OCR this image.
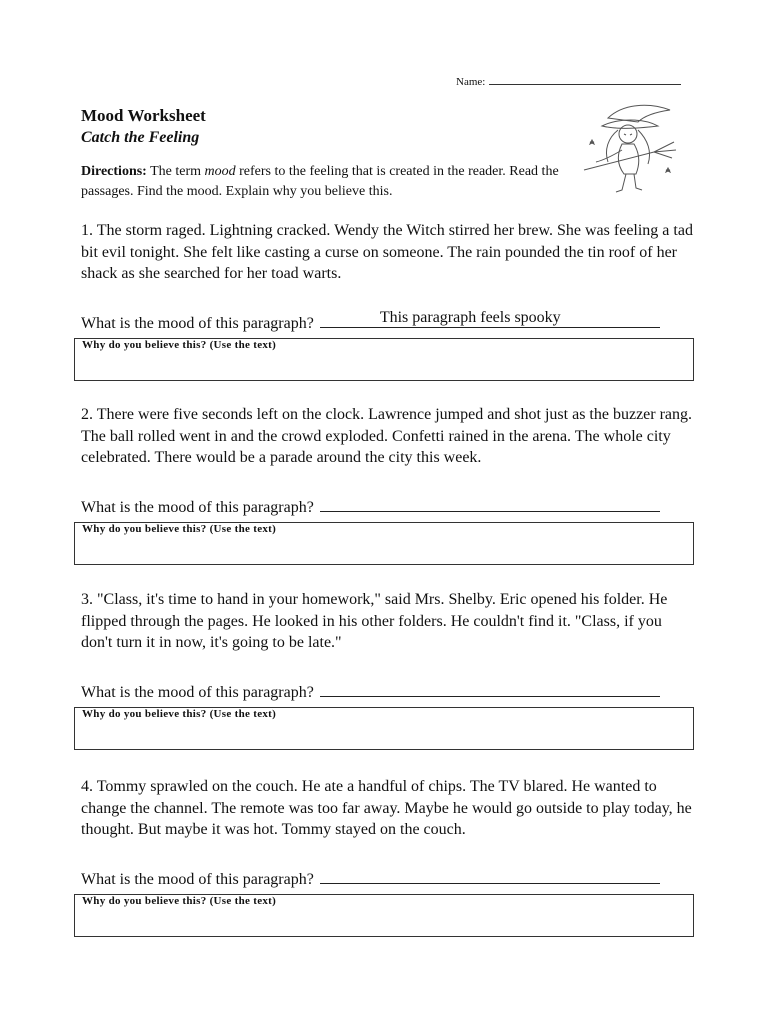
Name:
Mood Worksheet
Catch the Feeling
Directions: The term mood refers to the feeling that is created in the reader. Read the passages. Find the mood. Explain why you believe this.
1. The storm raged. Lightning cracked. Wendy the Witch stirred her brew. She was feeling a tad bit evil tonight. She felt like casting a curse on someone. The rain pounded the tin roof of her shack as she searched for her toad warts.
What is the mood of this paragraph?	This paragraph feels spooky
Why do you believe this? (Use the text)
2. There were five seconds left on the clock. Lawrence jumped and shot just as the buzzer rang. The ball rolled went in and the crowd exploded. Confetti rained in the arena. The whole city celebrated. There would be a parade around the city this week.
What is the mood of this paragraph?
Why do you believe this? (Use the text)
3. "Class, it's time to hand in your homework," said Mrs. Shelby. Eric opened his folder. He flipped through the pages. He looked in his other folders. He couldn't find it. "Class, if you don't turn it in now, it's going to be late."
What is the mood of this paragraph?
Why do you believe this? (Use the text)
4. Tommy sprawled on the couch. He ate a handful of chips. The TV blared. He wanted to change the channel. The remote was too far away. Maybe he would go outside to play today, he thought. But maybe it was hot. Tommy stayed on the couch.
What is the mood of this paragraph?
Why do you believe this? (Use the text)
